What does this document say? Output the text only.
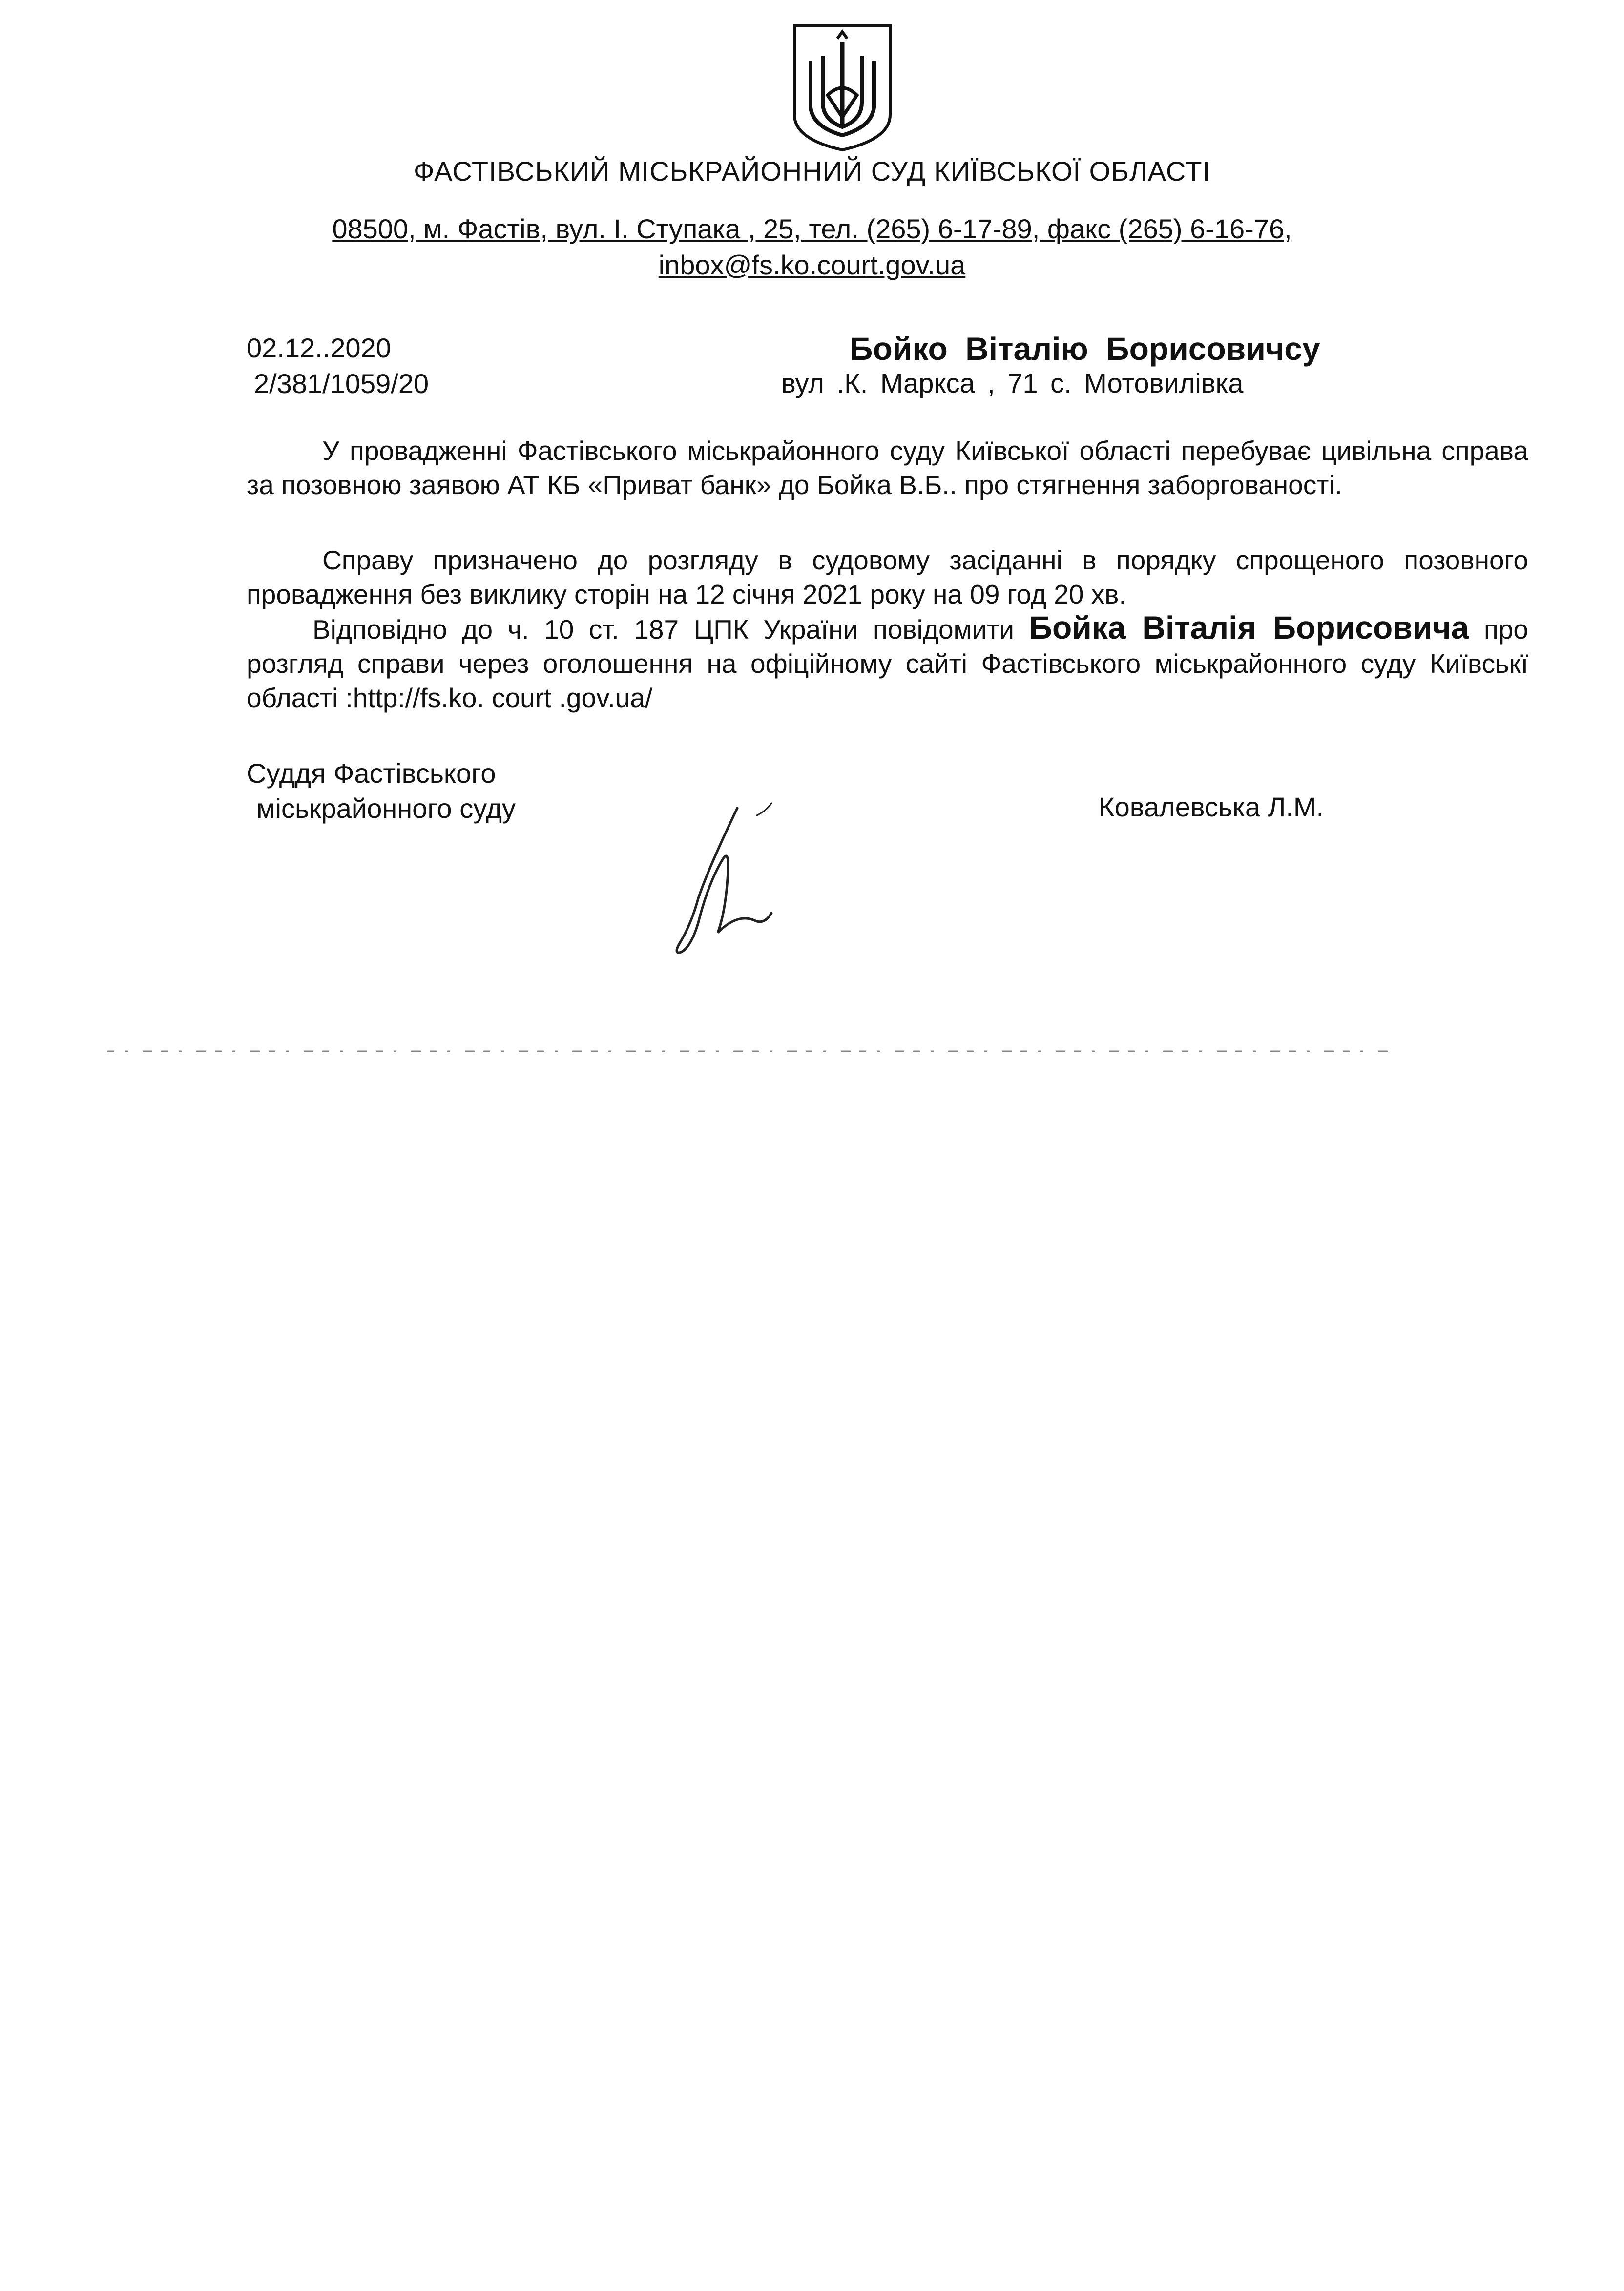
ФАСТІВСЬКИЙ МІСЬКРАЙОННИЙ СУД КИЇВСЬКОЇ ОБЛАСТІ
08500, м. Фастів, вул. І. Ступака , 25, тел. (265) 6-17-89, факс (265) 6-16-76,
inbox@fs.ko.court.gov.ua
02.12..2020
2/381/1059/20
Бойко Віталію Борисовичсу
вул .К. Маркса , 71 с. Мотовилівка
У провадженні Фастівського міськрайонного суду Київської області перебуває цивільна справа за позовною заявою АТ КБ «Приват банк» до Бойка В.Б.. про стягнення заборгованості.
Справу призначено до розгляду в судовому засіданні в порядку спрощеного позовного провадження без виклику сторін на 12 січня 2021 року на 09 год 20 хв.
Відповідно до ч. 10 ст. 187 ЦПК України повідомити Бойка Віталія Борисовича про розгляд справи через оголошення на офіційному сайті Фастівського міськрайонного суду Київськї області :http://fs.ko. court .gov.ua/
Суддя Фастівського
міськрайонного суду	Ковалевська Л.М.
